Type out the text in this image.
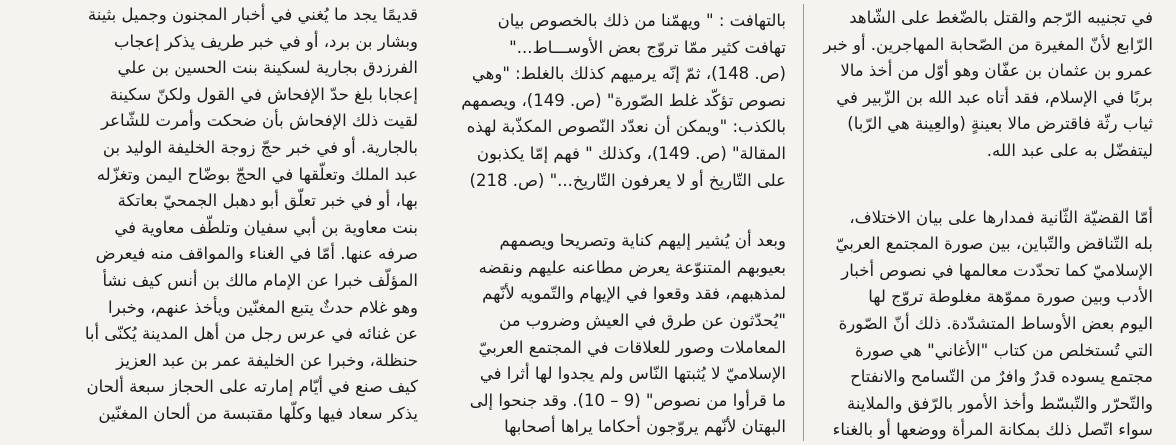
في تجنيبه الرّجم والقتل بالضّغط على الشّاهد
الرّابع لأنّ المغيرة من الصّحابة المهاجرين. أو خبر
عمرو بن عثمان بن عفّان وهو أوّل من أخذ مالا
بربًا في الإسلام، فقد أتاه عبد الله بن الزّبير في
ثياب رثّة فاقترض مالا بعينةٍ (والعِينة هي الرّبا)
ليتفضّل به على عبد الله.
أمّا القضيّة الثّانية فمدارها على بيان الاختلاف،
بله التّناقض والتّباين، بين صورة المجتمع العربيّ
الإسلاميّ كما تحدّدت معالمها في نصوص أخبار
الأدب وبين صورة مموّهة مغلوطة تروّج لها
اليوم بعض الأوساط المتشدّدة. ذلك أنّ الصّورة
التي تُستخلص من كتاب "الأغاني" هي صورة
مجتمع يسوده قدرٌ وافرٌ من التّسامح والانفتاح
والتّحرّر والتّبسّط وأخذ الأمور بالرّفق والملاينة
سواء اتّصل ذلك بمكانة المرأة ووضعها أو بالغناء
بالتهافت : " ويهمّنا من ذلك بالخصوص بيان
تهافت كثير ممّا تروّج بعض الأوســـاط..."
(ص. 148)، ثمّ إنّه يرميهم كذلك بالغلط: "وهي
نصوص تؤكّد غلط الصّورة" (ص. 149)، ويصمهم
بالكذب: "ويمكن أن نعدّد النّصوص المكذّبة لهذه
المقالة" (ص. 149)، وكذلك " فهم إمّا يكذبون
على التّاريخ أو لا يعرفون التّاريخ..." (ص. 218)
وبعد أن يُشير إليهم كناية وتصريحا ويصمهم
بعيوبهم المتنوّعة يعرض مطاعنه عليهم ونقضه
لمذهبهم، فقد وقعوا في الإيهام والتّمويه لأنّهم
"يُحدّثون عن طرق في العيش وضروب من
المعاملات وصور للعلاقات في المجتمع العربيّ
الإسلاميّ لا يُثبتها النّاس ولم يجدوا لها أثرا في
ما قرأوا من نصوص" (9 – 10). وقد جنحوا إلى
البهتان لأنّهم يروّجون أحكاما يراها أصحابها
قديمًا يجد ما يُغني في أخبار المجنون وجميل بثينة
وبشار بن برد، أو في خبر طريف يذكر إعجاب
الفرزدق بجارية لسكينة بنت الحسين بن علي
إعجابا بلغ حدّ الإفحاش في القول ولكنّ سكينة
لقيت ذلك الإفحاش بأن ضحكت وأمرت للشّاعر
بالجارية. أو في خبر حجّ زوجة الخليفة الوليد بن
عبد الملك وتعلّقها في الحجّ بوضّاح اليمن وتغزّله
بها، أو في خبر تعلّق أبو دهبل الجمحيّ بعاتكة
بنت معاوية بن أبي سفيان وتلطّف معاوية في
صرفه عنها. أمّا في الغناء والمواقف منه فيعرض
المؤلّف خبرا عن الإمام مالك بن أنس كيف نشأ
وهو غلام حدثٌ يتبع المغنّين ويأخذ عنهم، وخبرا
عن غنائه في عرس رجل من أهل المدينة يُكنّى أبا
حنظلة، وخبرا عن الخليفة عمر بن عبد العزيز
كيف صنع في أيّام إمارته على الحجاز سبعة ألحان
يذكر سعاد فيها وكلّها مقتبسة من ألحان المغنّين
